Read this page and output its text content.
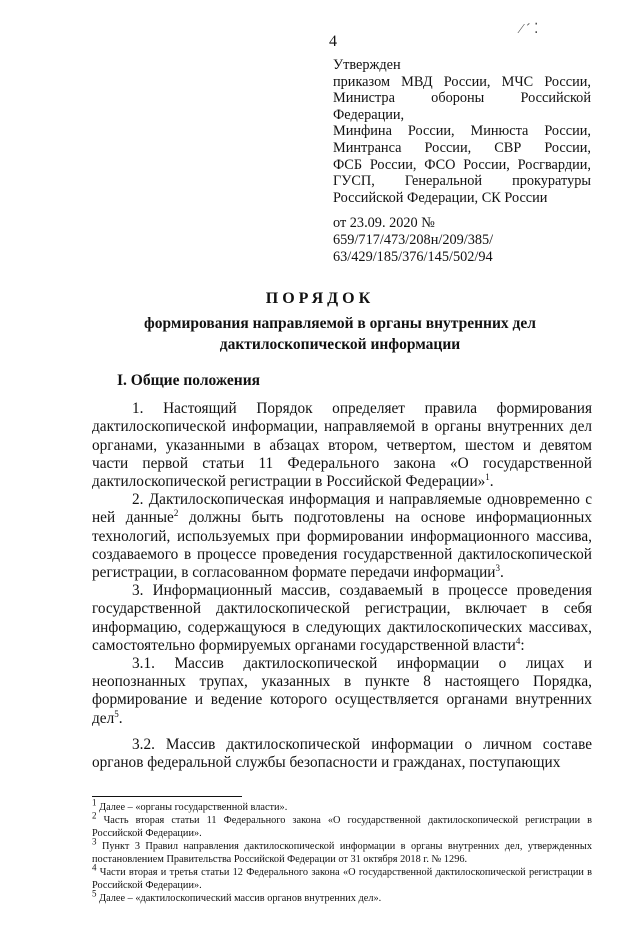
4
⁄ ˊ ⁚
Утвержден
приказом МВД России, МЧС России,
Министра обороны Российской Федерации,
Минфина России, Минюста России,
Минтранса России, СВР России,
ФСБ России, ФСО России, Росгвардии,
ГУСП, Генеральной прокуратуры
Российской Федерации, СК России
от 23.09. 2020 № 659/717/473/208н/209/385/ 63/429/185/376/145/502/94
ПОРЯДОК
формирования направляемой в органы внутренних дел дактилоскопической информации
I. Общие положения

1. Настоящий Порядок определяет правила формирования дактилоскопической информации, направляемой в органы внутренних дел органами, указанными в абзацах втором, четвертом, шестом и девятом части первой статьи 11 Федерального закона «О государственной дактилоскопической регистрации в Российской Федерации»$^1$.

2. Дактилоскопическая информация и направляемые одновременно с ней данные$^2$ должны быть подготовлены на основе информационных технологий, используемых при формировании информационного массива, создаваемого в процессе проведения государственной дактилоскопической регистрации, в согласованном формате передачи информации$^3$.

3. Информационный массив, создаваемый в процессе проведения государственной дактилоскопической регистрации, включает в себя информацию, содержащуюся в следующих дактилоскопических массивах, самостоятельно формируемых органами государственной власти$^4$:

3.1. Массив дактилоскопической информации о лицах и неопознанных трупах, указанных в пункте 8 настоящего Порядка, формирование и ведение которого осуществляется органами внутренних дел$^5$.

3.2. Массив дактилоскопической информации о личном составе органов федеральной службы безопасности и гражданах, поступающих

$^1$ Далее – «органы государственной власти».

$^2$ Часть вторая статьи 11 Федерального закона «О государственной дактилоскопической регистрации в Российской Федерации».

$^3$ Пункт 3 Правил направления дактилоскопической информации в органы внутренних дел, утвержденных постановлением Правительства Российской Федерации от 31 октября 2018 г. № 1296.

$^4$ Части вторая и третья статьи 12 Федерального закона «О государственной дактилоскопической регистрации в Российской Федерации».

$^5$ Далее – «дактилоскопический массив органов внутренних дел».
